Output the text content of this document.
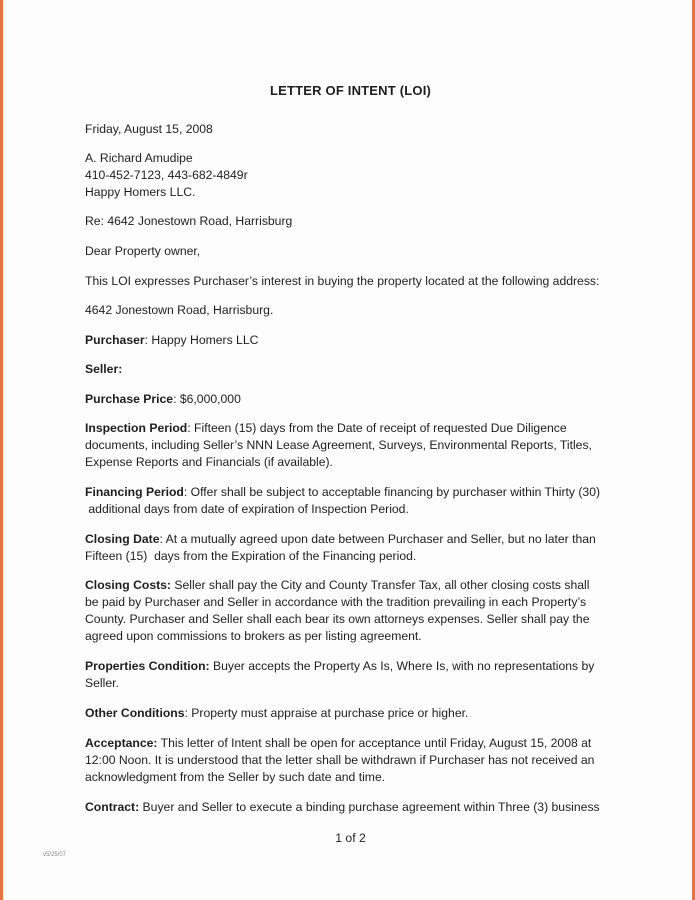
LETTER OF INTENT (LOI)
Friday, August 15, 2008
A. Richard Amudipe
410-452-7123, 443-682-4849r
Happy Homers LLC.
Re: 4642 Jonestown Road, Harrisburg
Dear Property owner,
This LOI expresses Purchaser’s interest in buying the property located at the following address:
4642 Jonestown Road, Harrisburg.
Purchaser: Happy Homers LLC
Seller:
Purchase Price: $6,000,000
Inspection Period: Fifteen (15) days from the Date of receipt of requested Due Diligence
documents, including Seller’s NNN Lease Agreement, Surveys, Environmental Reports, Titles,
Expense Reports and Financials (if available).
Financing Period: Offer shall be subject to acceptable financing by purchaser within Thirty (30)
additional days from date of expiration of Inspection Period.
Closing Date: At a mutually agreed upon date between Purchaser and Seller, but no later than
Fifteen (15)  days from the Expiration of the Financing period.
Closing Costs: Seller shall pay the City and County Transfer Tax, all other closing costs shall
be paid by Purchaser and Seller in accordance with the tradition prevailing in each Property’s
County. Purchaser and Seller shall each bear its own attorneys expenses. Seller shall pay the
agreed upon commissions to brokers as per listing agreement.
Properties Condition: Buyer accepts the Property As Is, Where Is, with no representations by
Seller.
Other Conditions: Property must appraise at purchase price or higher.
Acceptance: This letter of Intent shall be open for acceptance until Friday, August 15, 2008 at
12:00 Noon. It is understood that the letter shall be withdrawn if Purchaser has not received an
acknowledgment from the Seller by such date and time.
Contract: Buyer and Seller to execute a binding purchase agreement within Three (3) business
1 of 2
v5/25/07
